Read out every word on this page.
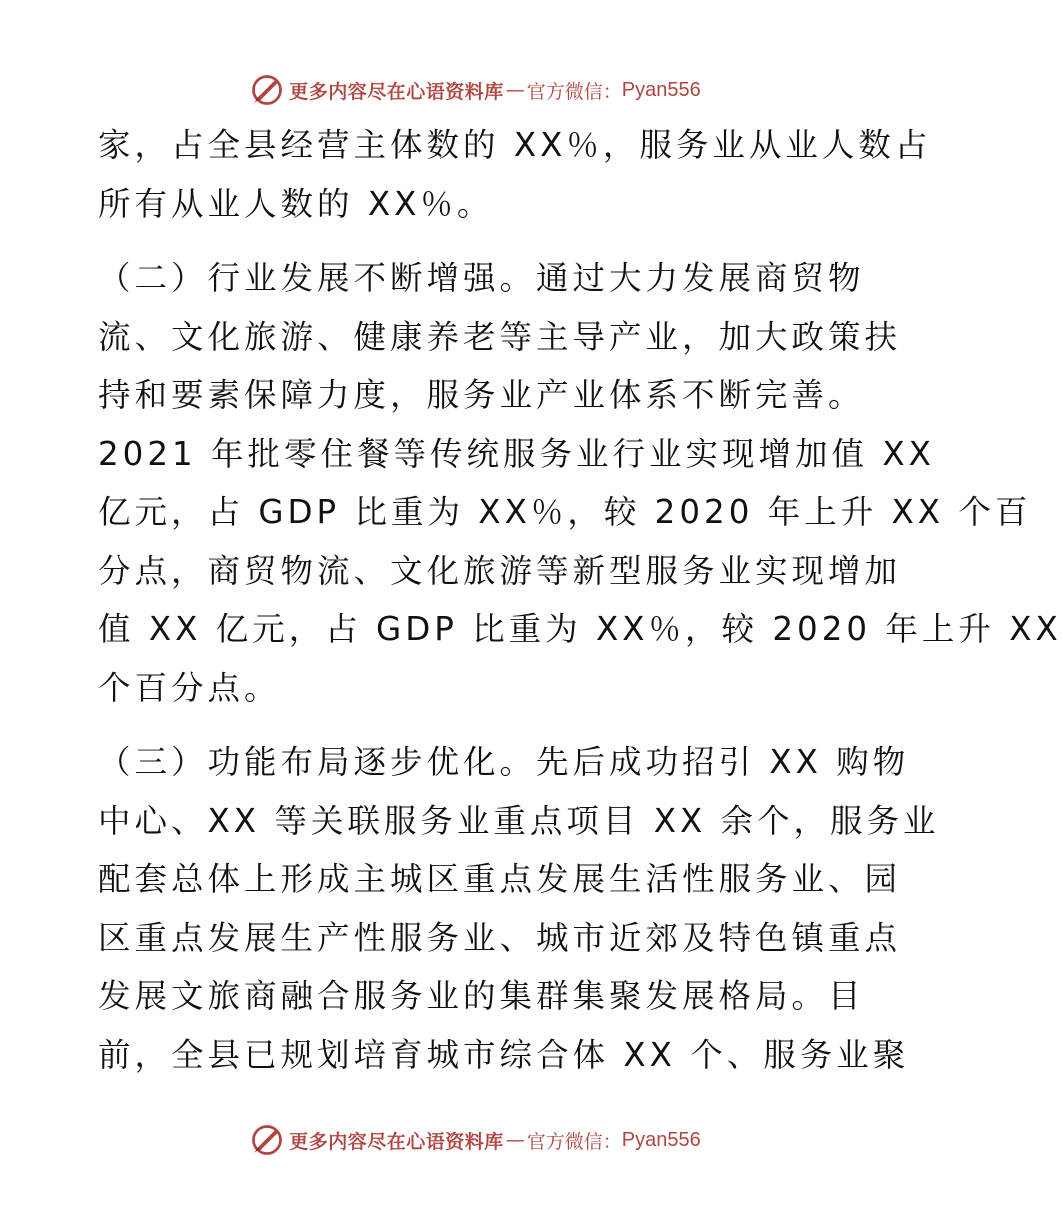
更多内容尽在心语资料库 — 官方微信： Pyan556

家，占全县经营主体数的 XX％，服务业从业人数占
所有从业人数的 XX％。

（二）行业发展不断增强。通过大力发展商贸物
流、文化旅游、健康养老等主导产业，加大政策扶
持和要素保障力度，服务业产业体系不断完善。
2021 年批零住餐等传统服务业行业实现增加值 XX
亿元，占 GDP 比重为 XX％，较 2020 年上升 XX 个百
分点，商贸物流、文化旅游等新型服务业实现增加
值 XX 亿元，占 GDP 比重为 XX％，较 2020 年上升 XX
个百分点。

（三）功能布局逐步优化。先后成功招引 XX 购物
中心、XX 等关联服务业重点项目 XX 余个，服务业
配套总体上形成主城区重点发展生活性服务业、园
区重点发展生产性服务业、城市近郊及特色镇重点
发展文旅商融合服务业的集群集聚发展格局。目
前，全县已规划培育城市综合体 XX 个、服务业聚

更多内容尽在心语资料库 — 官方微信： Pyan556
